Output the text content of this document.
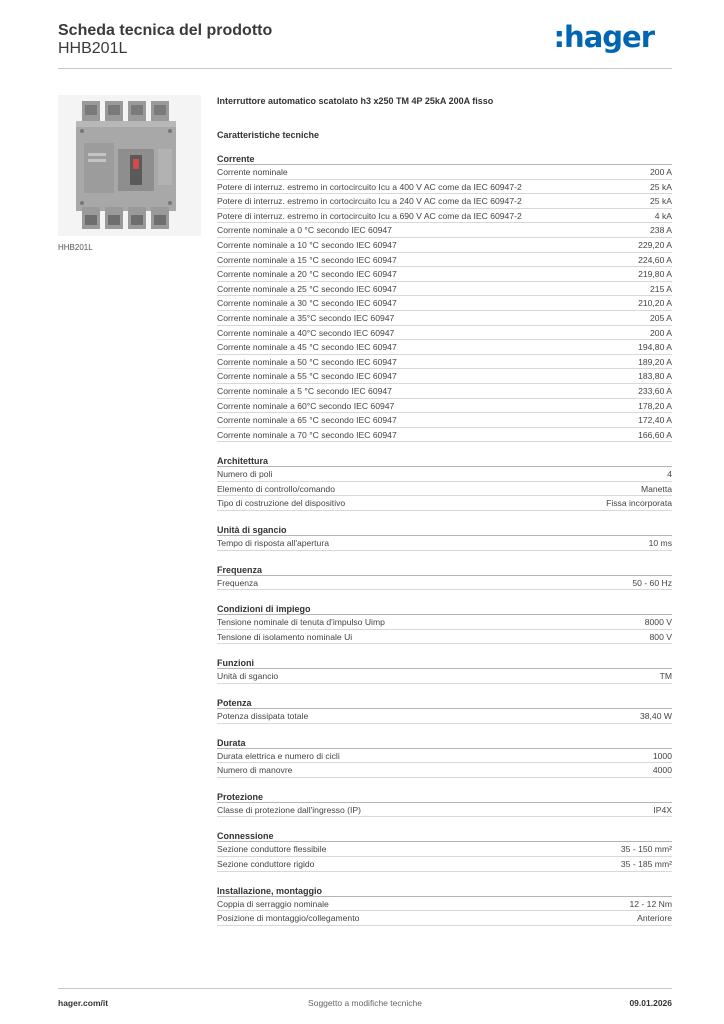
Scheda tecnica del prodotto
HHB201L	:hager
HHB201L
Interruttore automatico scatolato h3 x250 TM 4P 25kA 200A fisso
Caratteristiche tecniche
Corrente
Corrente nominale	200 A
Potere di interruz. estremo in cortocircuito Icu a 400 V AC come da IEC 60947-2	25 kA
Potere di interruz. estremo in cortocircuito Icu a 240 V AC come da IEC 60947-2	25 kA
Potere di interruz. estremo in cortocircuito Icu a 690 V AC come da IEC 60947-2	4 kA
Corrente nominale a 0 °C secondo IEC 60947	238 A
Corrente nominale a 10 °C secondo IEC 60947	229,20 A
Corrente nominale a 15 °C secondo IEC 60947	224,60 A
Corrente nominale a 20 °C secondo IEC 60947	219,80 A
Corrente nominale a 25 °C secondo IEC 60947	215 A
Corrente nominale a 30 °C secondo IEC 60947	210,20 A
Corrente nominale a 35°C secondo IEC 60947	205 A
Corrente nominale a 40°C secondo IEC 60947	200 A
Corrente nominale a 45 °C secondo IEC 60947	194,80 A
Corrente nominale a 50 °C secondo IEC 60947	189,20 A
Corrente nominale a 55 °C secondo IEC 60947	183,80 A
Corrente nominale a 5 °C secondo IEC 60947	233,60 A
Corrente nominale a 60°C secondo IEC 60947	178,20 A
Corrente nominale a 65 °C secondo IEC 60947	172,40 A
Corrente nominale a 70 °C secondo IEC 60947	166,60 A
Architettura
Numero di poli	4
Elemento di controllo/comando	Manetta
Tipo di costruzione del dispositivo	Fissa incorporata
Unità di sgancio
Tempo di risposta all'apertura	10 ms
Frequenza
Frequenza	50 - 60 Hz
Condizioni di impiego
Tensione nominale di tenuta d'impulso Uimp	8000 V
Tensione di isolamento nominale Ui	800 V
Funzioni
Unità di sgancio	TM
Potenza
Potenza dissipata totale	38,40 W
Durata
Durata elettrica e numero di cicli	1000
Numero di manovre	4000
Protezione
Classe di protezione dall'ingresso (IP)	IP4X
Connessione
Sezione conduttore flessibile	35 - 150 mm²
Sezione conduttore rigido	35 - 185 mm²
Installazione, montaggio
Coppia di serraggio nominale	12 - 12 Nm
Posizione di montaggio/collegamento	Anteriore
Soggetto a modifiche tecniche
hager.com/it	09.01.2026
